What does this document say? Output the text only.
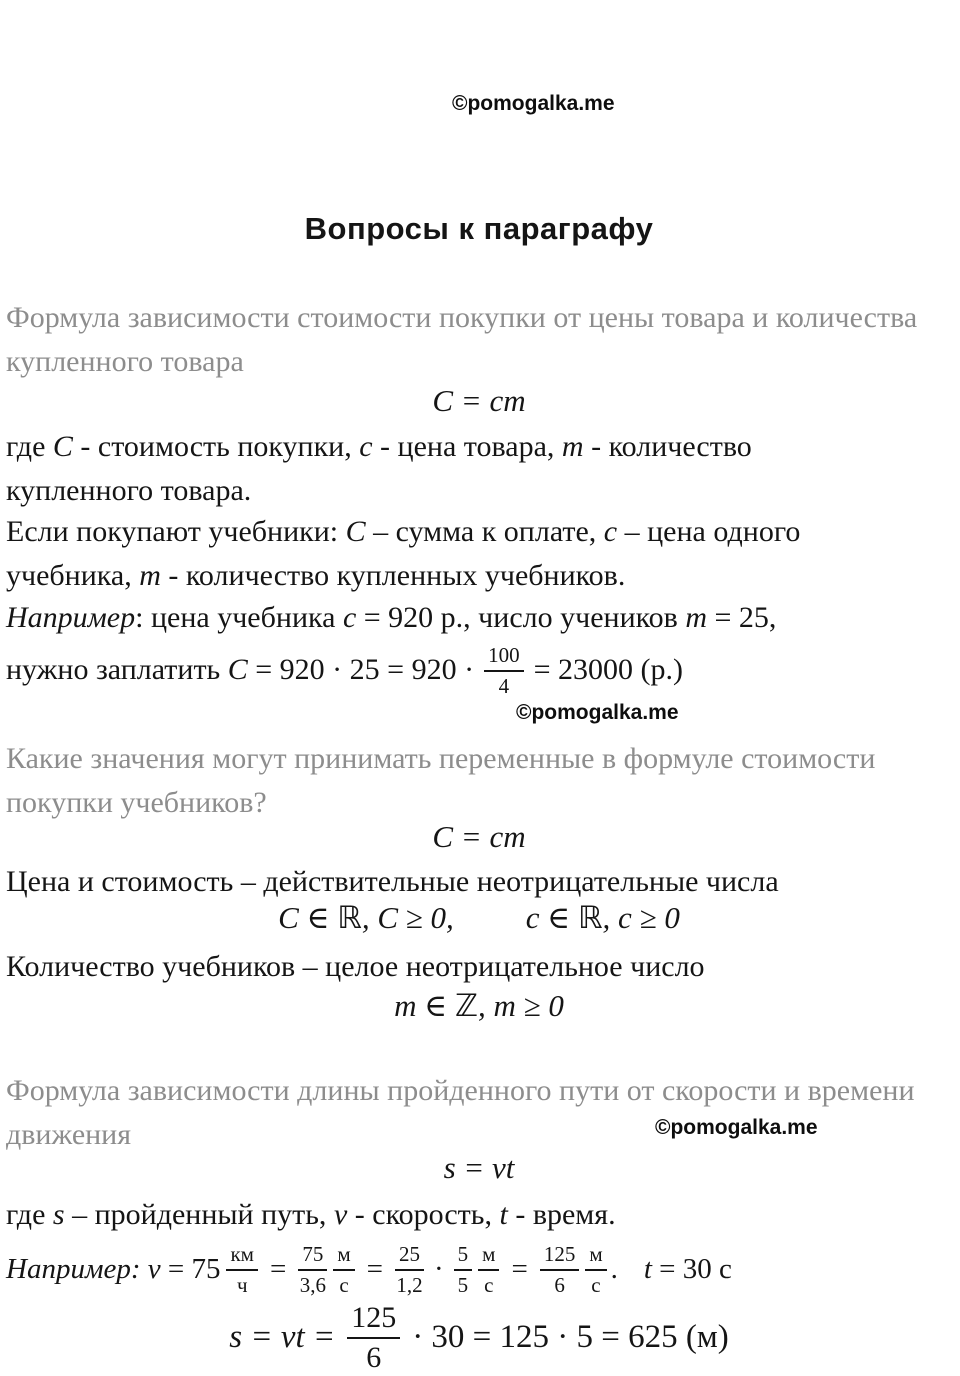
©pomogalka.me
Вопросы к параграфу
Формула зависимости стоимости покупки от цены товара и количества
купленного товара
C = cm
где C - стоимость покупки, c - цена товара, m - количество
купленного товара.
Если покупают учебники: C – сумма к оплате, c – цена одного
учебника, m - количество купленных учебников.
Например: цена учебника c = 920 р., число учеников m = 25,
нужно заплатить $C = 920 \cdot 25 = 920 \cdot \frac{100}{4} = 23000$ (р.)
©pomogalka.me
Какие значения могут принимать переменные в формуле стоимости
покупки учебников?
C = cm
Цена и стоимость – действительные неотрицательные числа
C ∈ ℝ, C ≥ 0, c ∈ ℝ, c ≥ 0
Количество учебников – целое неотрицательное число
m ∈ ℤ, m ≥ 0
Формула зависимости длины пройденного пути от скорости и времени
движения	©pomogalka.me
s = vt
где s – пройденный путь, v - скорость, t - время.
Например: $v = 75 \frac{км}{ч} = \frac{75}{3,6} \frac{м}{с} = \frac{25}{1,2} \cdot \frac{5}{5} \frac{м}{с} = \frac{125}{6} \frac{м}{с}$ . t = 30 с
s = vt = $\frac{125}{6} \cdot 30 = 125 \cdot 5 = 625$ (м)
